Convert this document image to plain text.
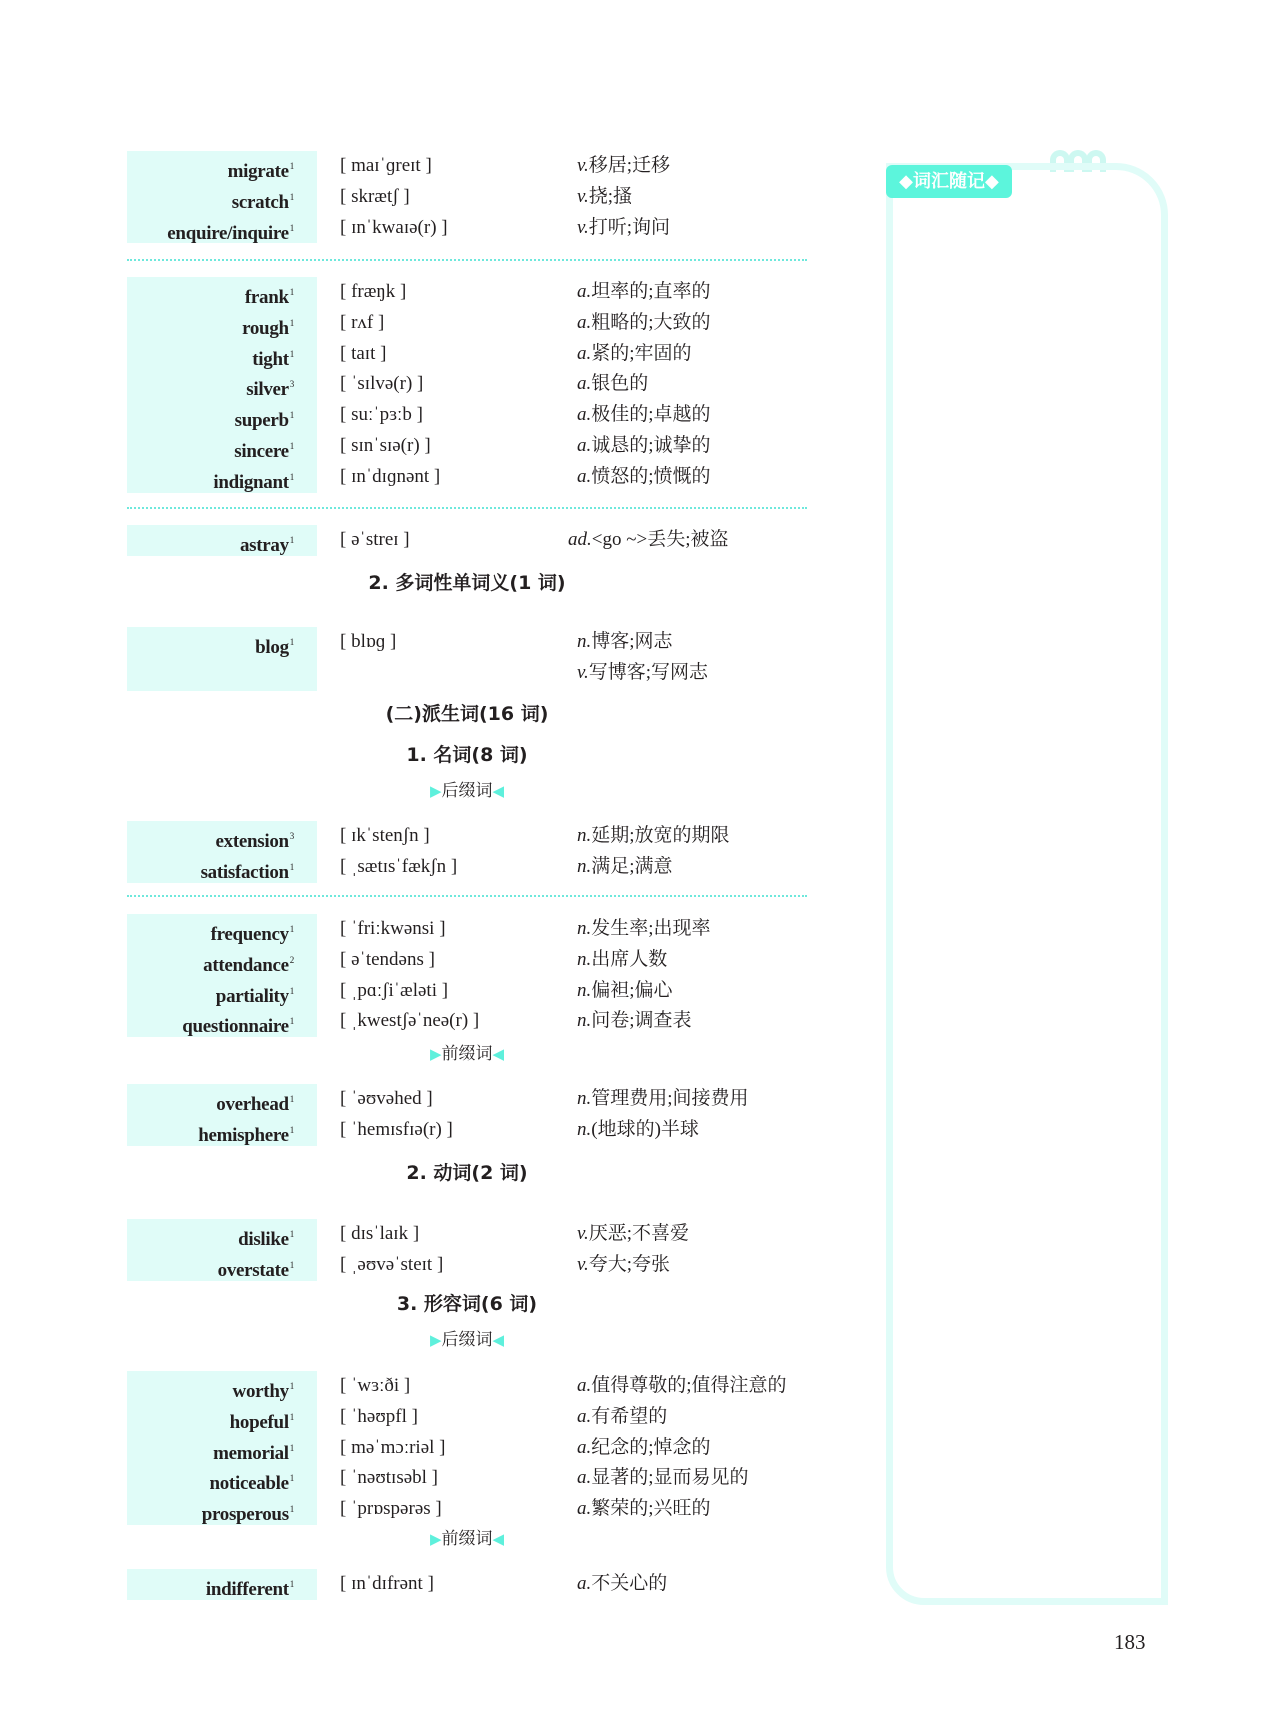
migrate$^1$ [ maɪˈɡreɪt ]	v.移居;迁移
scratch$^1$ [ skrætʃ ]	v.挠;搔
enquire/inquire$^1$ [ ɪnˈkwaɪə(r) ]	v.打听;询问
frank$^1$ [ fræŋk ]	a.坦率的;直率的
rough$^1$ [ rʌf ]	a.粗略的;大致的
tight$^1$ [ taɪt ]	a.紧的;牢固的
silver$^3$ [ ˈsɪlvə(r) ]	a.银色的
superb$^1$ [ suːˈpɜːb ]	a.极佳的;卓越的
sincere$^1$ [ sɪnˈsɪə(r) ]	a.诚恳的;诚挚的
indignant$^1$ [ ɪnˈdɪɡnənt ]	a.愤怒的;愤慨的
astray$^1$ [ əˈstreɪ ]	ad.<go ~>丢失;被盗
2. 多词性单词义(1 词)
blog$^1$ [ blɒɡ ]	n.博客;网志
v.写博客;写网志
(二)派生词(16 词)
1. 名词(8 词)
▶后缀词◀
extension$^3$ [ ɪkˈstenʃn ]	n.延期;放宽的期限
satisfaction$^1$ [ ˌsætɪsˈfækʃn ]	n.满足;满意
frequency$^1$ [ ˈfriːkwənsi ]	n.发生率;出现率
attendance$^2$ [ əˈtendəns ]	n.出席人数
partiality$^1$ [ ˌpɑːʃiˈæləti ]	n.偏袒;偏心
questionnaire$^1$ [ ˌkwestʃəˈneə(r) ]	n.问卷;调查表
▶前缀词◀
overhead$^1$ [ ˈəʊvəhed ]	n.管理费用;间接费用
hemisphere$^1$ [ ˈhemɪsfɪə(r) ]	n.(地球的)半球
2. 动词(2 词)
dislike$^1$ [ dɪsˈlaɪk ]	v.厌恶;不喜爱
overstate$^1$ [ ˌəʊvəˈsteɪt ]	v.夸大;夸张
3. 形容词(6 词)
▶后缀词◀
worthy$^1$ [ ˈwɜːði ]	a.值得尊敬的;值得注意的
hopeful$^1$ [ ˈhəʊpfl ]	a.有希望的
memorial$^1$ [ məˈmɔːriəl ]	a.纪念的;悼念的
noticeable$^1$ [ ˈnəʊtɪsəbl ]	a.显著的;显而易见的
prosperous$^1$ [ ˈprɒspərəs ]	a.繁荣的;兴旺的
▶前缀词◀
indifferent$^1$ [ ɪnˈdɪfrənt ]	a.不关心的
◆词汇随记◆
183
